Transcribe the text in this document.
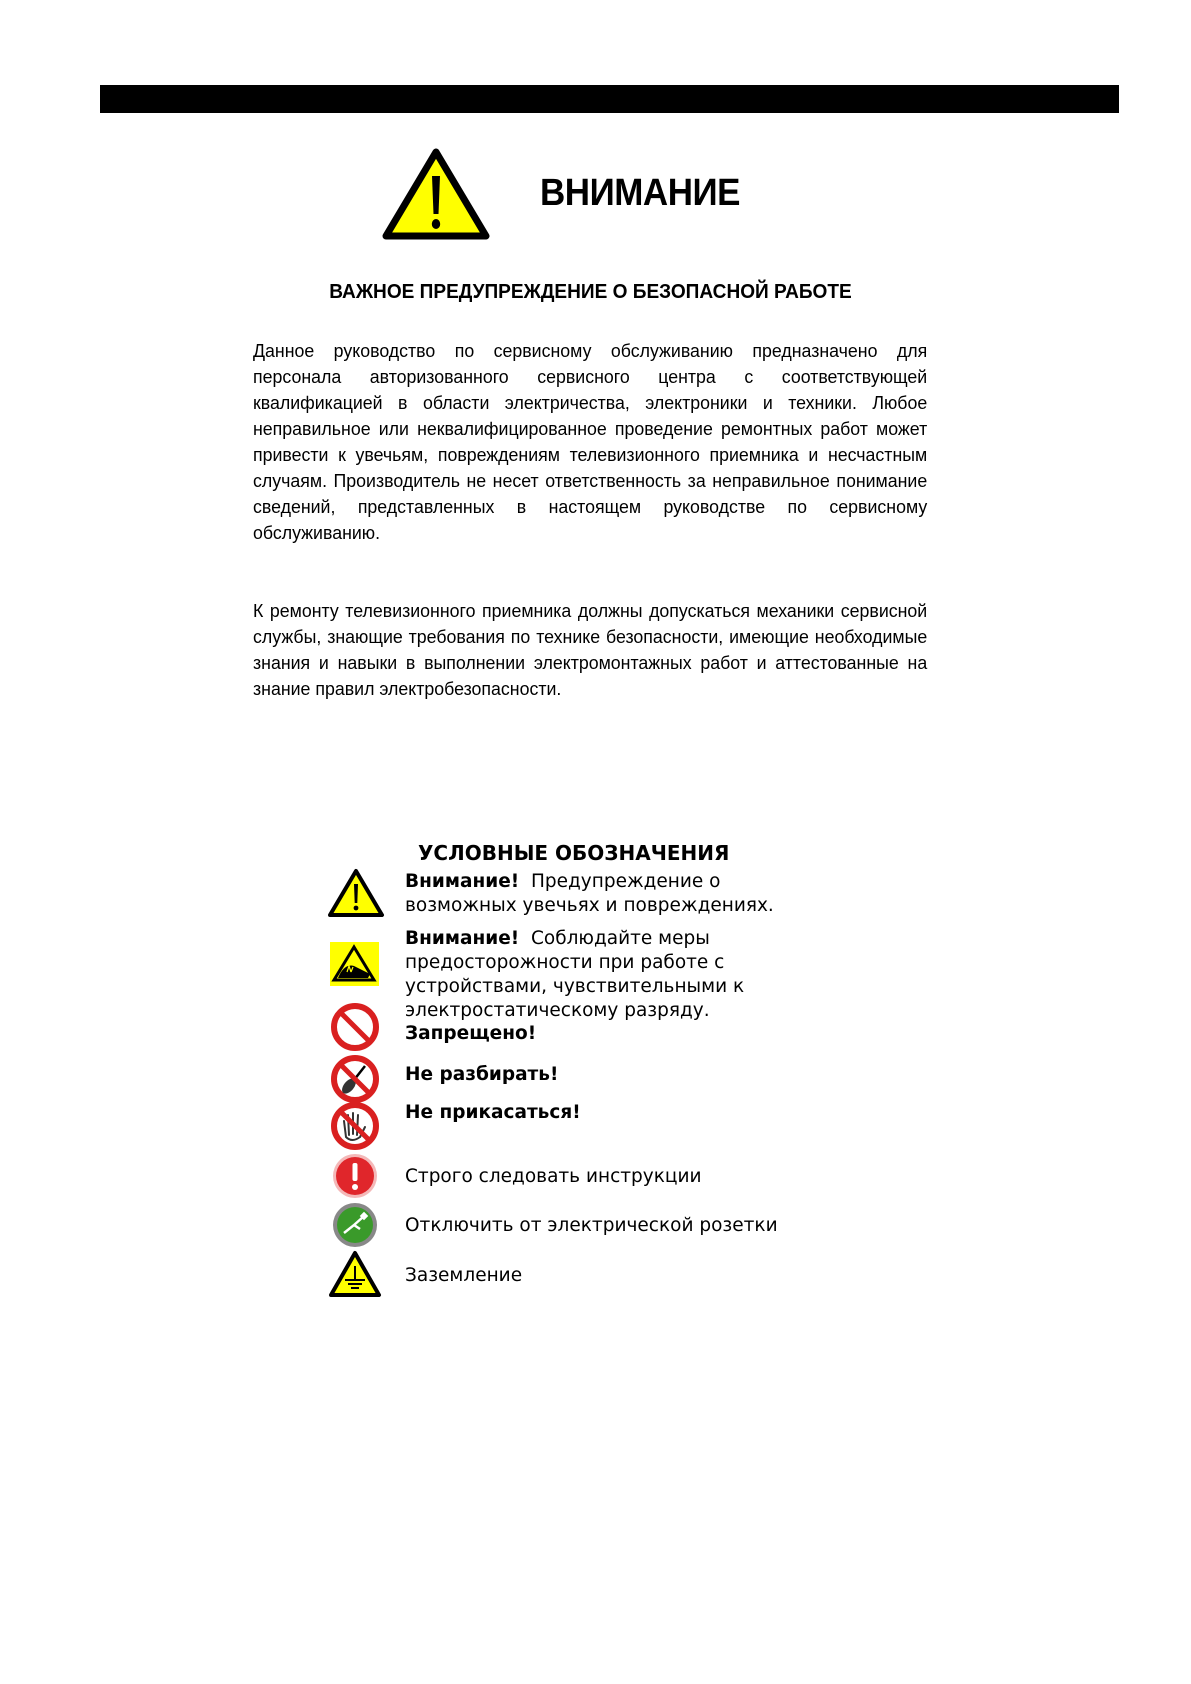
ВНИМАНИЕ
ВАЖНОЕ ПРЕДУПРЕЖДЕНИЕ О БЕЗОПАСНОЙ РАБОТЕ
Данное руководство по сервисному обслуживанию предназначено для персонала авторизованного сервисного центра с соответствующей квалификацией в области электричества, электроники и техники. Любое неправильное или неквалифицированное проведение ремонтных работ может привести к увечьям, повреждениям телевизионного приемника и несчастным случаям. Производитель не несет ответственность за неправильное понимание сведений, представленных в настоящем руководстве по сервисному обслуживанию.
К ремонту телевизионного приемника должны допускаться механики сервисной службы, знающие требования по технике безопасности, имеющие необходимые знания и навыки в выполнении электромонтажных работ и аттестованные на знание правил электробезопасности.
УСЛОВНЫЕ ОБОЗНАЧЕНИЯ
Внимание! Предупреждение о
возможных увечьях и повреждениях.
Внимание! Соблюдайте меры
предосторожности при работе с
устройствами, чувствительными к
электростатическому разряду.
Запрещено!
Не разбирать!
Не прикасаться!
Строго следовать инструкции
Отключить от электрической розетки
Заземление
